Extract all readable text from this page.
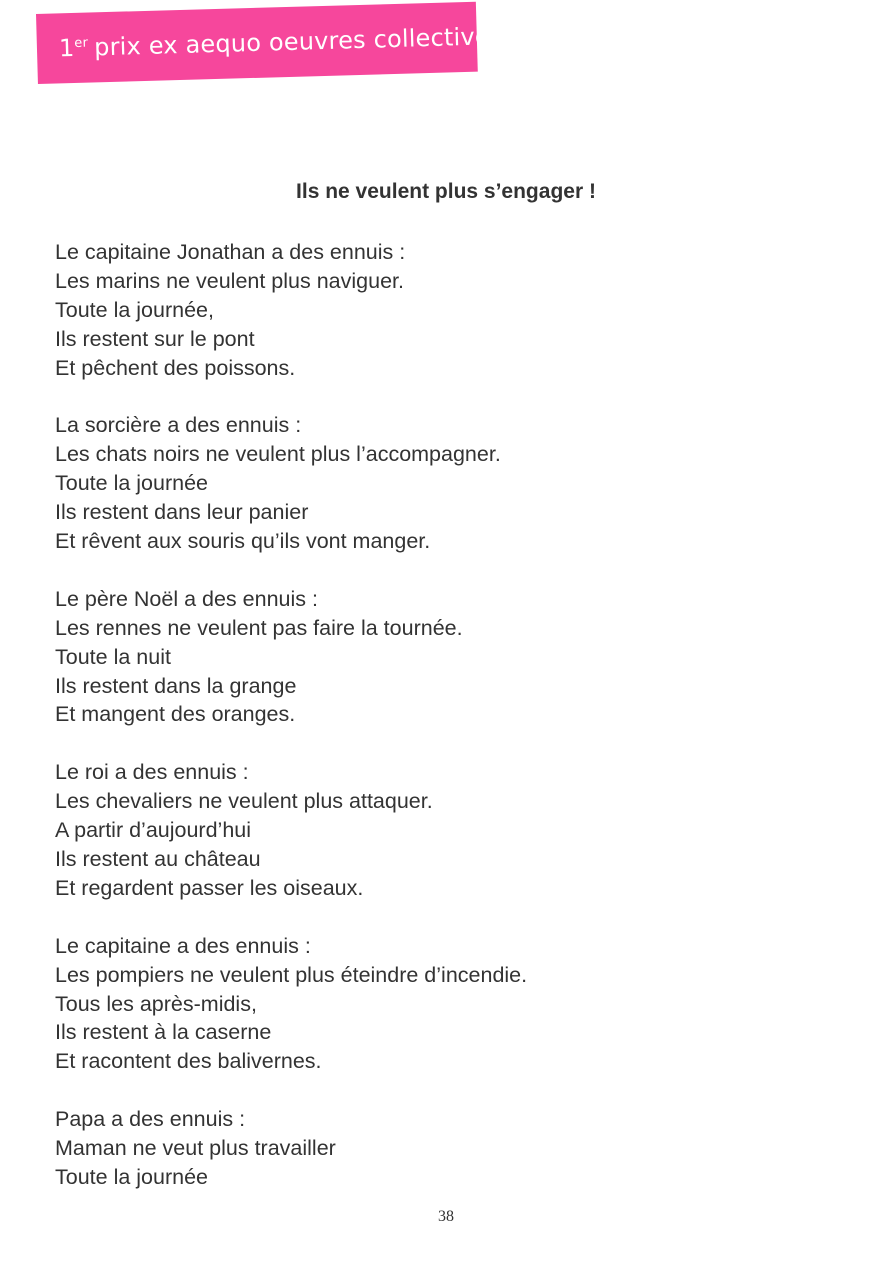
1er prix ex aequo oeuvres collectives
Ils ne veulent plus s’engager !
Le capitaine Jonathan a des ennuis :
Les marins ne veulent plus naviguer.
Toute la journée,
Ils restent sur le pont
Et pêchent des poissons.
La sorcière a des ennuis :
Les chats noirs ne veulent plus l’accompagner.
Toute la journée
Ils restent dans leur panier
Et rêvent aux souris qu’ils vont manger.
Le père Noël a des ennuis :
Les rennes ne veulent pas faire la tournée.
Toute la nuit
Ils restent dans la grange
Et mangent des oranges.
Le roi a des ennuis :
Les chevaliers ne veulent plus attaquer.
A partir d’aujourd’hui
Ils restent au château
Et regardent passer les oiseaux.
Le capitaine a des ennuis :
Les pompiers ne veulent plus éteindre d’incendie.
Tous les après-midis,
Ils restent à la caserne
Et racontent des balivernes.
Papa a des ennuis :
Maman ne veut plus travailler
Toute la journée
38
